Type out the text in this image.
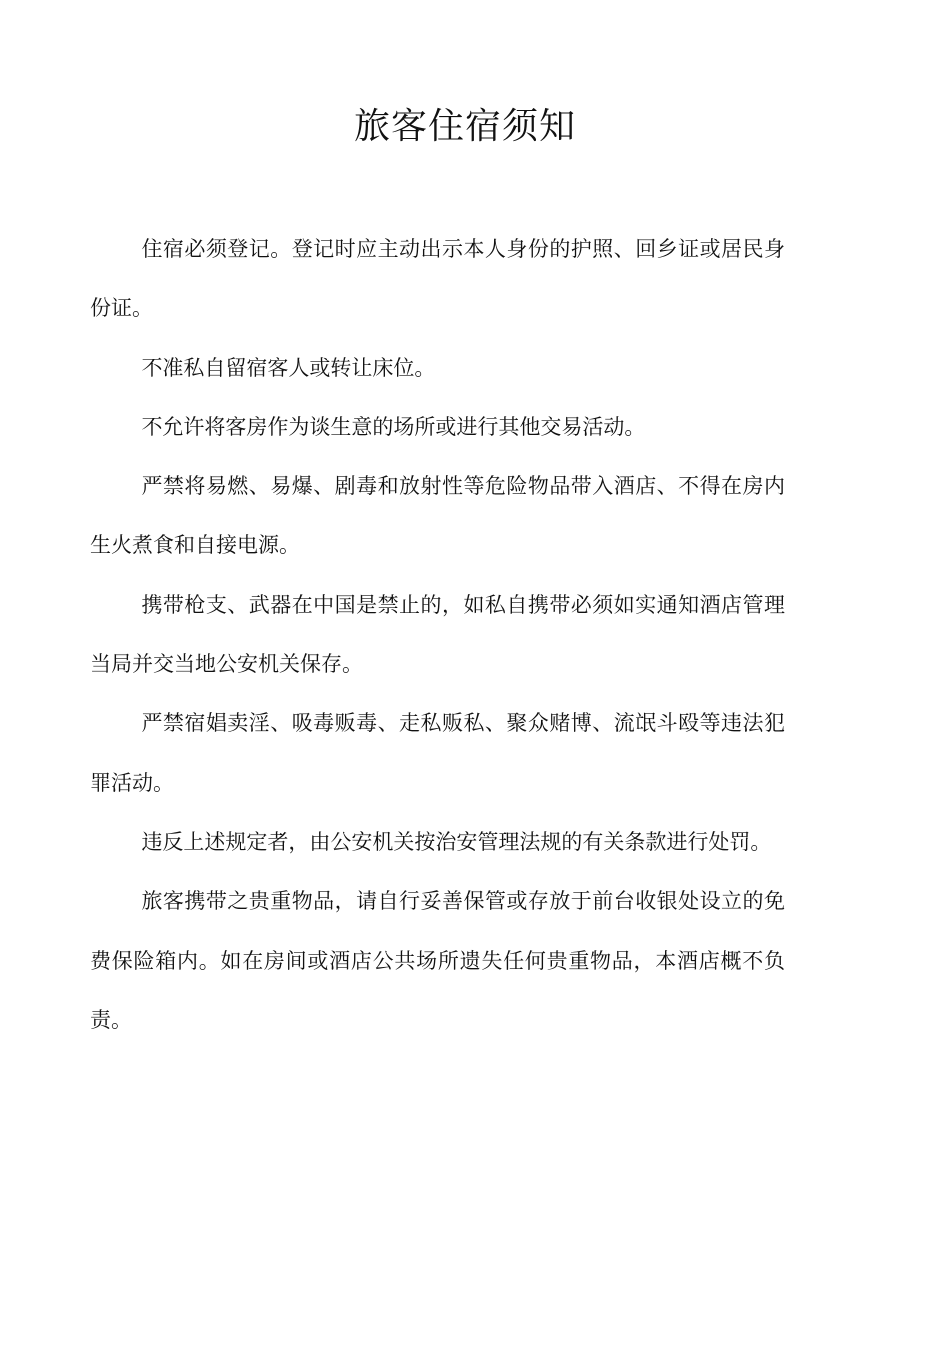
旅客住宿须知

住宿必须登记。登记时应主动出示本人身份的护照、回乡证或居民身份证。

不准私自留宿客人或转让床位。

不允许将客房作为谈生意的场所或进行其他交易活动。

严禁将易燃、易爆、剧毒和放射性等危险物品带入酒店、不得在房内生火煮食和自接电源。

携带枪支、武器在中国是禁止的，如私自携带必须如实通知酒店管理当局并交当地公安机关保存。

严禁宿娼卖淫、吸毒贩毒、走私贩私、聚众赌博、流氓斗殴等违法犯罪活动。

违反上述规定者，由公安机关按治安管理法规的有关条款进行处罚。

旅客携带之贵重物品，请自行妥善保管或存放于前台收银处设立的免费保险箱内。如在房间或酒店公共场所遗失任何贵重物品，本酒店概不负责。
